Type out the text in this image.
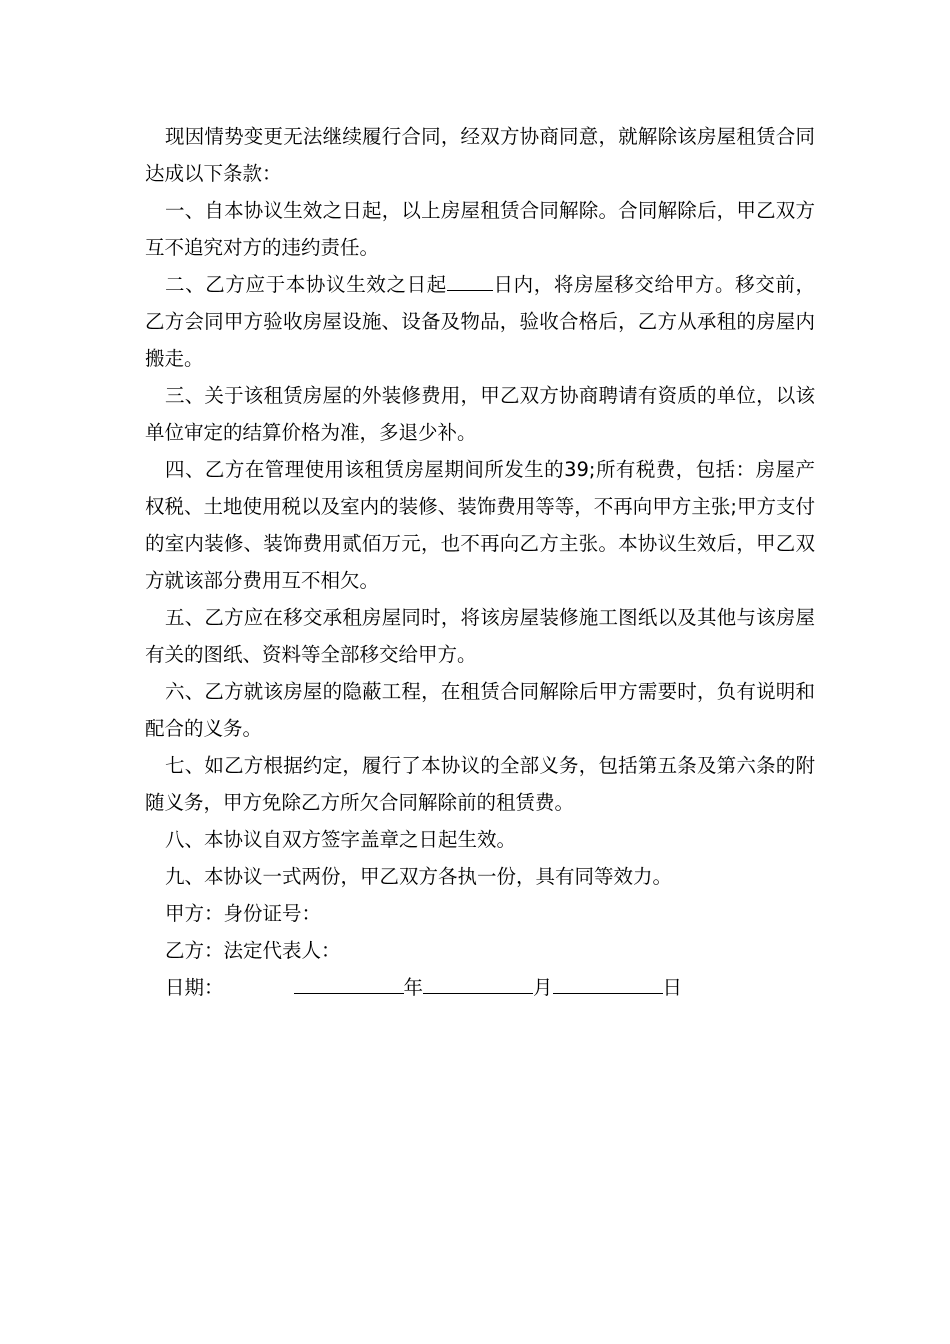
现因情势变更无法继续履行合同，经双方协商同意，就解除该房屋租赁合同达成以下条款：

一、自本协议生效之日起，以上房屋租赁合同解除。合同解除后，甲乙双方互不追究对方的违约责任。

二、乙方应于本协议生效之日起 日内，将房屋移交给甲方。移交前，乙方会同甲方验收房屋设施、设备及物品，验收合格后，乙方从承租的房屋内搬走。

三、关于该租赁房屋的外装修费用，甲乙双方协商聘请有资质的单位，以该单位审定的结算价格为准，多退少补。

四、乙方在管理使用该租赁房屋期间所发生的39;所有税费，包括：房屋产权税、土地使用税以及室内的装修、装饰费用等等，不再向甲方主张;甲方支付的室内装修、装饰费用贰佰万元，也不再向乙方主张。本协议生效后，甲乙双方就该部分费用互不相欠。

五、乙方应在移交承租房屋同时，将该房屋装修施工图纸以及其他与该房屋有关的图纸、资料等全部移交给甲方。

六、乙方就该房屋的隐蔽工程，在租赁合同解除后甲方需要时，负有说明和配合的义务。

七、如乙方根据约定，履行了本协议的全部义务，包括第五条及第六条的附随义务，甲方免除乙方所欠合同解除前的租赁费。

八、本协议自双方签字盖章之日起生效。

九、本协议一式两份，甲乙双方各执一份，具有同等效力。

甲方：身份证号：

乙方：法定代表人：

日期：	年	月	日
